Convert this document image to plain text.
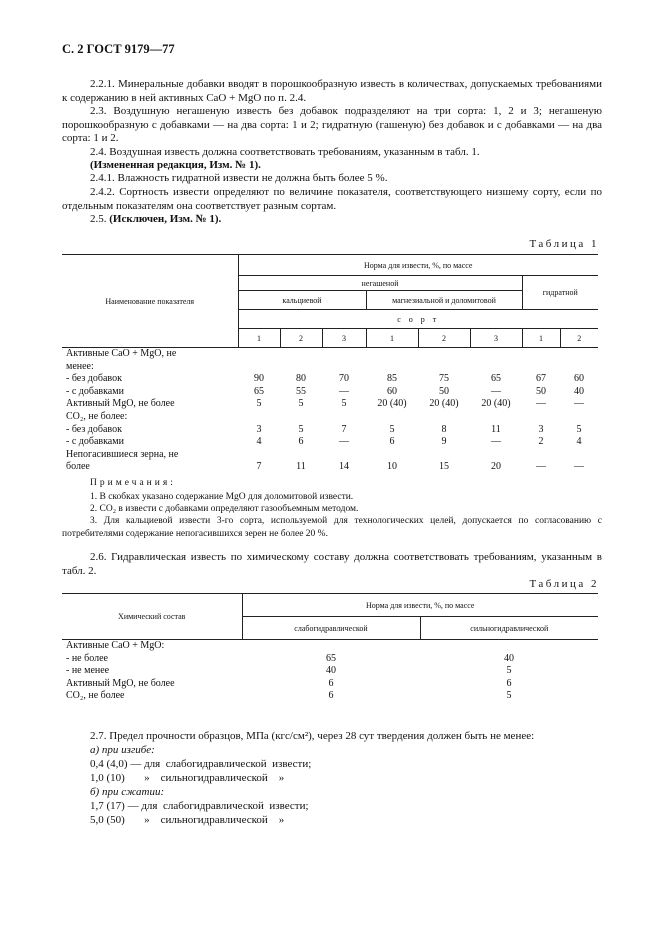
С. 2 ГОСТ 9179—77
2.2.1. Минеральные добавки вводят в порошкообразную известь в количествах, допускаемых требованиями к содержанию в ней активных CaO + MgO по п. 2.4.
2.3. Воздушную негашеную известь без добавок подразделяют на три сорта: 1, 2 и 3; негашеную порошкообразную с добавками — на два сорта: 1 и 2; гидратную (гашеную) без добавок и с добавками — на два сорта: 1 и 2.
2.4. Воздушная известь должна соответствовать требованиям, указанным в табл. 1.
(Измененная редакция, Изм. № 1).
2.4.1. Влажность гидратной извести не должна быть более 5 %.
2.4.2. Сортность извести определяют по величине показателя, соответствующего низшему сорту, если по отдельным показателям она соответствует разным сортам.
2.5. (Исключен, Изм. № 1).
Таблица 1
Наименование показателя	Норма для извести, %, по массе							
	негашеной						гидратной	
	кальциевой			магнезиальной и доломитовой				
	с о р т							
	1	2	3	1	2	3	1	2
Активные CaO + MgO, не								
менее:								
- без добавок	90	80	70	85	75	65	67	60
- с добавками	65	55	—	60	50	—	50	40
Активный MgO, не более	5	5	5	20 (40)	20 (40)	20 (40)	—	—
CO₂, не более:								
- без добавок	3	5	7	5	8	11	3	5
- с добавками	4	6	—	6	9	—	2	4
Непогасившиеся зерна, не								
более	7	11	14	10	15	20	—	—
Примечания:
1. В скобках указано содержание MgO для доломитовой извести.
2. CO₂ в извести с добавками определяют газообъемным методом.
3. Для кальциевой извести 3-го сорта, используемой для технологических целей, допускается по согласованию с потребителями содержание непогасившихся зерен не более 20 %.
2.6. Гидравлическая известь по химическому составу должна соответствовать требованиям, указанным в табл. 2.
Таблица 2
Химический состав	Норма для извести, %, по массе	
	слабогидравлической	сильногидравлической
Активные CaO + MgO:		
- не более	65	40
- не менее	40	5
Активный MgO, не более	6	6
CO₂, не более	6	5
2.7. Предел прочности образцов, МПа (кгс/см²), через 28 сут твердения должен быть не менее:
а) при изгибе:
0,4 (4,0) — для  слабогидравлической  извести;
1,0 (10)       »    сильногидравлической    »
б) при сжатии:
1,7 (17) — для  слабогидравлической  извести;
5,0 (50)       »    сильногидравлической    »
